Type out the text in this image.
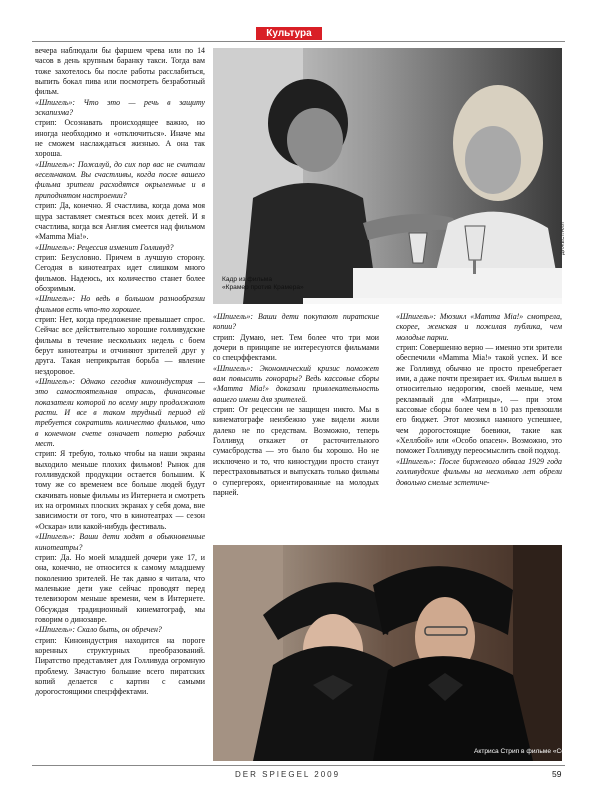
Культура

вечера наблюдали бы фаршем чрева или по 14 часов в день крупным баранку такси. Тогда вам тоже захотелось бы после работы расслабиться, выпить бокал пива или посмотреть безработный фильм.

«Шпигель»: Что это — речь в защиту эскапизма?

стрип: Осознавать происходящее важно, но иногда необходимо и «отключиться». Иначе мы не сможем наслаждаться жизнью. А она так хороша.

«Шпигель»: Пожалуй, до сих пор вас не считали весельчаком. Вы счастливы, когда после вашего фильма зрители расходятся окрыленные и в приподнятом настроении?

стрип: Да, конечно. Я счастлива, когда дома моя щура заставляет смеяться всех моих детей. И я счастлива, когда вся Англия смеется над фильмом «Mamma Mia!».

«Шпигель»: Рецессия изменит Голливуд?

стрип: Безусловно. Причем в лучшую сторону. Сегодня в кинотеатрах идет слишком много фильмов. Надеюсь, их количество станет более обозримым.

«Шпигель»: Но ведь в большом разнообразии фильмов есть что-то хорошее.

стрип: Нет, когда предложение превышает спрос. Сейчас все действительно хорошие голливудские фильмы в течение нескольких недель с боем берут кинотеатры и отчиняют зрителей друг у друга. Такая неприкрытая борьба — явление нездоровое.

«Шпигель»: Однако сегодня киноиндустрия — это самостоятельная отрасль, финансовые показатели которой по всему миру продолжают расти. И все в таком трудный период ей требуется сократить количество фильмов, что в конечном счете означает потерю рабочих мест.

стрип: Я требую, только чтобы на наши экраны выходило меньше плохих фильмов! Рынок для голливудской продукции остается большим. К тому же со временем все больше людей будут скачивать новые фильмы из Интернета и смотреть их на огромных плоских экранах у себя дома, вне зависимости от того, что в кинотеатрах — сезон «Оскара» или какой-нибудь фестиваль.

«Шпигель»: Ваши дети ходят в обыкновенные кинотеатры?

стрип: Да. Но моей младшей дочери уже 17, и она, конечно, не относится к самому младшему поколению зрителей. Не так давно я читала, что маленькие дети уже сейчас проводят перед телевизором меньше времени, чем в Интернете. Обсуждая традиционный кинематограф, мы говорим о динозавре.

«Шпигель»: Скало быть, он обречен?

стрип: Киноиндустрия находится на пороге коренных структурных преобразований. Пиратство представляет для Голливуда огромную проблему. Зачастую большие всего пиратских копий делается с картин с самыми дорогостоящими спецэффектами.

Кадр из фильма
«Крамер против Крамера»
ДИЖЕСТ/АЛЛ

«Шпигель»: Ваши дети покупают пиратские копии?

стрип: Думаю, нет. Тем более что три мои дочери в принципе не интересуются фильмами со спецэффектами.

«Шпигель»: Экономический кризис поможет вам повысить гонорары? Ведь кассовые сборы «Mamma Mia!» доказали привлекательность вашего имени для зрителей.

стрип: От рецессии не защищен никто. Мы в кинематографе неизбежно уже видели жили далеко не по средствам. Возможно, теперь Голливуд откажет от расточительного сумасбродства — это было бы хорошо. Но не исключено и то, что киностудии просто станут перестраховываться и выпускать только фильмы о супергероях, ориентированные на молодых парней.

«Шпигель»: Мюзикл «Mamma Mia!» смотрела, скорее, женская и пожилая публика, чем молодые парни.

стрип: Совершенно верно — именно эти зрители обеспечили «Mamma Mia!» такой успех. И все же Голливуд обычно не просто пренебрегает ими, а даже почти презирает их. Фильм вышел в относительно недорогим, своей меньше, чем рекламный для «Матрицы», — при этом кассовые сборы более чем в 10 раз превзошли его бюджет. Этот мюзикл намного успешнее, чем дорогостоящие боевики, такие как «Хеллбой» или «Особо опасен». Возможно, это поможет Голливуду переосмыслить свой подход.

«Шпигель»: После биржевого обвала 1929 года голливудские фильмы на несколько лет обрели довольно смелые эстетиче-

Актриса Стрип в фильме «Сомнение»
DER SPIEGEL 2009	59
